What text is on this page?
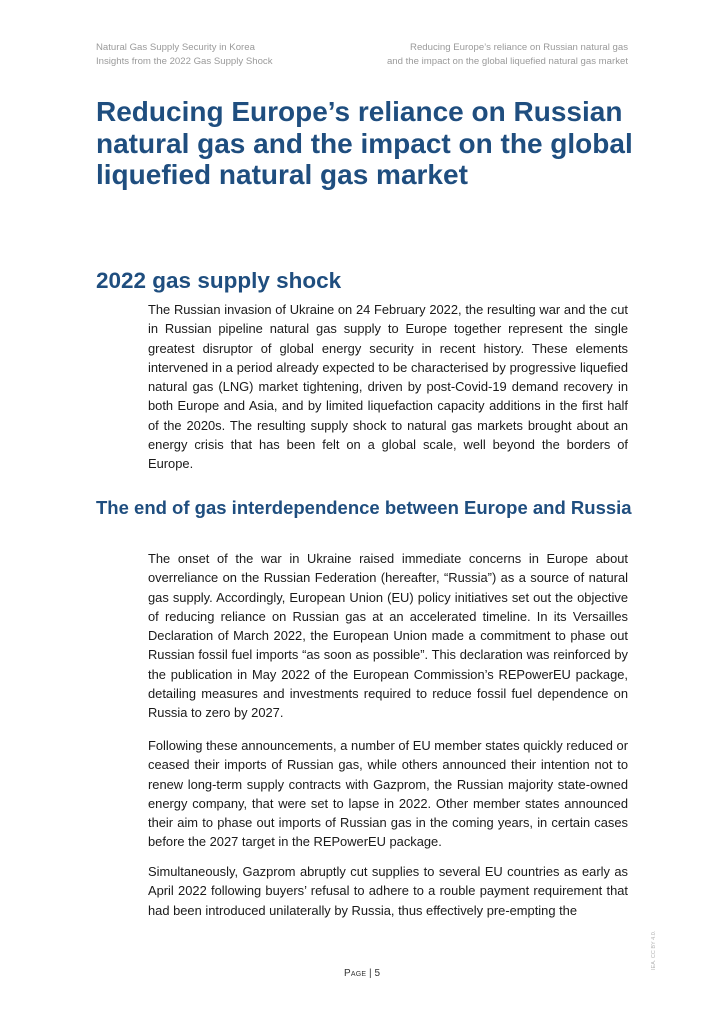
Natural Gas Supply Security in Korea
Insights from the 2022 Gas Supply Shock
Reducing Europe’s reliance on Russian natural gas
and the impact on the global liquefied natural gas market
Reducing Europe’s reliance on Russian natural gas and the impact on the global liquefied natural gas market
2022 gas supply shock

The Russian invasion of Ukraine on 24 February 2022, the resulting war and the cut in Russian pipeline natural gas supply to Europe together represent the single greatest disruptor of global energy security in recent history. These elements intervened in a period already expected to be characterised by progressive liquefied natural gas (LNG) market tightening, driven by post-Covid-19 demand recovery in both Europe and Asia, and by limited liquefaction capacity additions in the first half of the 2020s. The resulting supply shock to natural gas markets brought about an energy crisis that has been felt on a global scale, well beyond the borders of Europe.

The end of gas interdependence between Europe and Russia

The onset of the war in Ukraine raised immediate concerns in Europe about overreliance on the Russian Federation (hereafter, “Russia”) as a source of natural gas supply. Accordingly, European Union (EU) policy initiatives set out the objective of reducing reliance on Russian gas at an accelerated timeline. In its Versailles Declaration of March 2022, the European Union made a commitment to phase out Russian fossil fuel imports “as soon as possible”. This declaration was reinforced by the publication in May 2022 of the European Commission’s REPowerEU package, detailing measures and investments required to reduce fossil fuel dependence on Russia to zero by 2027.

Following these announcements, a number of EU member states quickly reduced or ceased their imports of Russian gas, while others announced their intention not to renew long-term supply contracts with Gazprom, the Russian majority state-owned energy company, that were set to lapse in 2022. Other member states announced their aim to phase out imports of Russian gas in the coming years, in certain cases before the 2027 target in the REPowerEU package.

Simultaneously, Gazprom abruptly cut supplies to several EU countries as early as April 2022 following buyers’ refusal to adhere to a rouble payment requirement that had been introduced unilaterally by Russia, thus effectively pre-empting the

Page | 5
IEA. CC BY 4.0.
